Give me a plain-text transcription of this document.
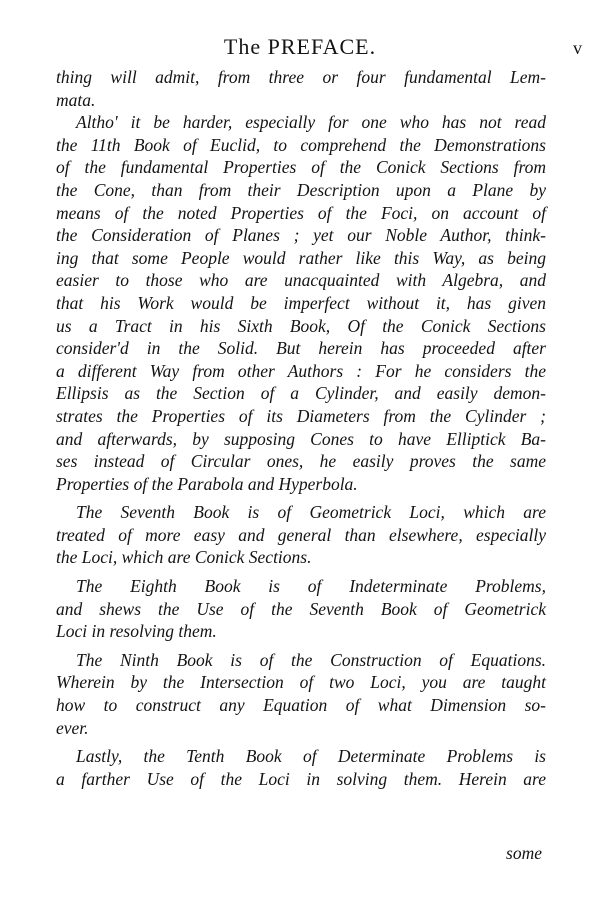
The PREFACE.	v

thing will admit, from three or four fundamental Lem-
mata.

Altho' it be harder, especially for one who has not read
the 11th Book of Euclid, to comprehend the Demonstrations
of the fundamental Properties of the Conick Sections from
the Cone, than from their Description upon a Plane by
means of the noted Properties of the Foci, on account of
the Consideration of Planes ; yet our Noble Author, think-
ing that some People would rather like this Way, as being
easier to those who are unacquainted with Algebra, and
that his Work would be imperfect without it, has given
us a Tract in his Sixth Book, Of the Conick Sections
consider'd in the Solid. But herein has proceeded after
a different Way from other Authors : For he considers the
Ellipsis as the Section of a Cylinder, and easily demon-
strates the Properties of its Diameters from the Cylinder ;
and afterwards, by supposing Cones to have Elliptick Ba-
ses instead of Circular ones, he easily proves the same
Properties of the Parabola and Hyperbola.

The Seventh Book is of Geometrick Loci, which are
treated of more easy and general than elsewhere, especially
the Loci, which are Conick Sections.

The Eighth Book is of Indeterminate Problems,
and shews the Use of the Seventh Book of Geometrick
Loci in resolving them.

The Ninth Book is of the Construction of Equations.
Wherein by the Intersection of two Loci, you are taught
how to construct any Equation of what Dimension so-
ever.

Lastly, the Tenth Book of Determinate Problems is
a farther Use of the Loci in solving them. Herein are

some
